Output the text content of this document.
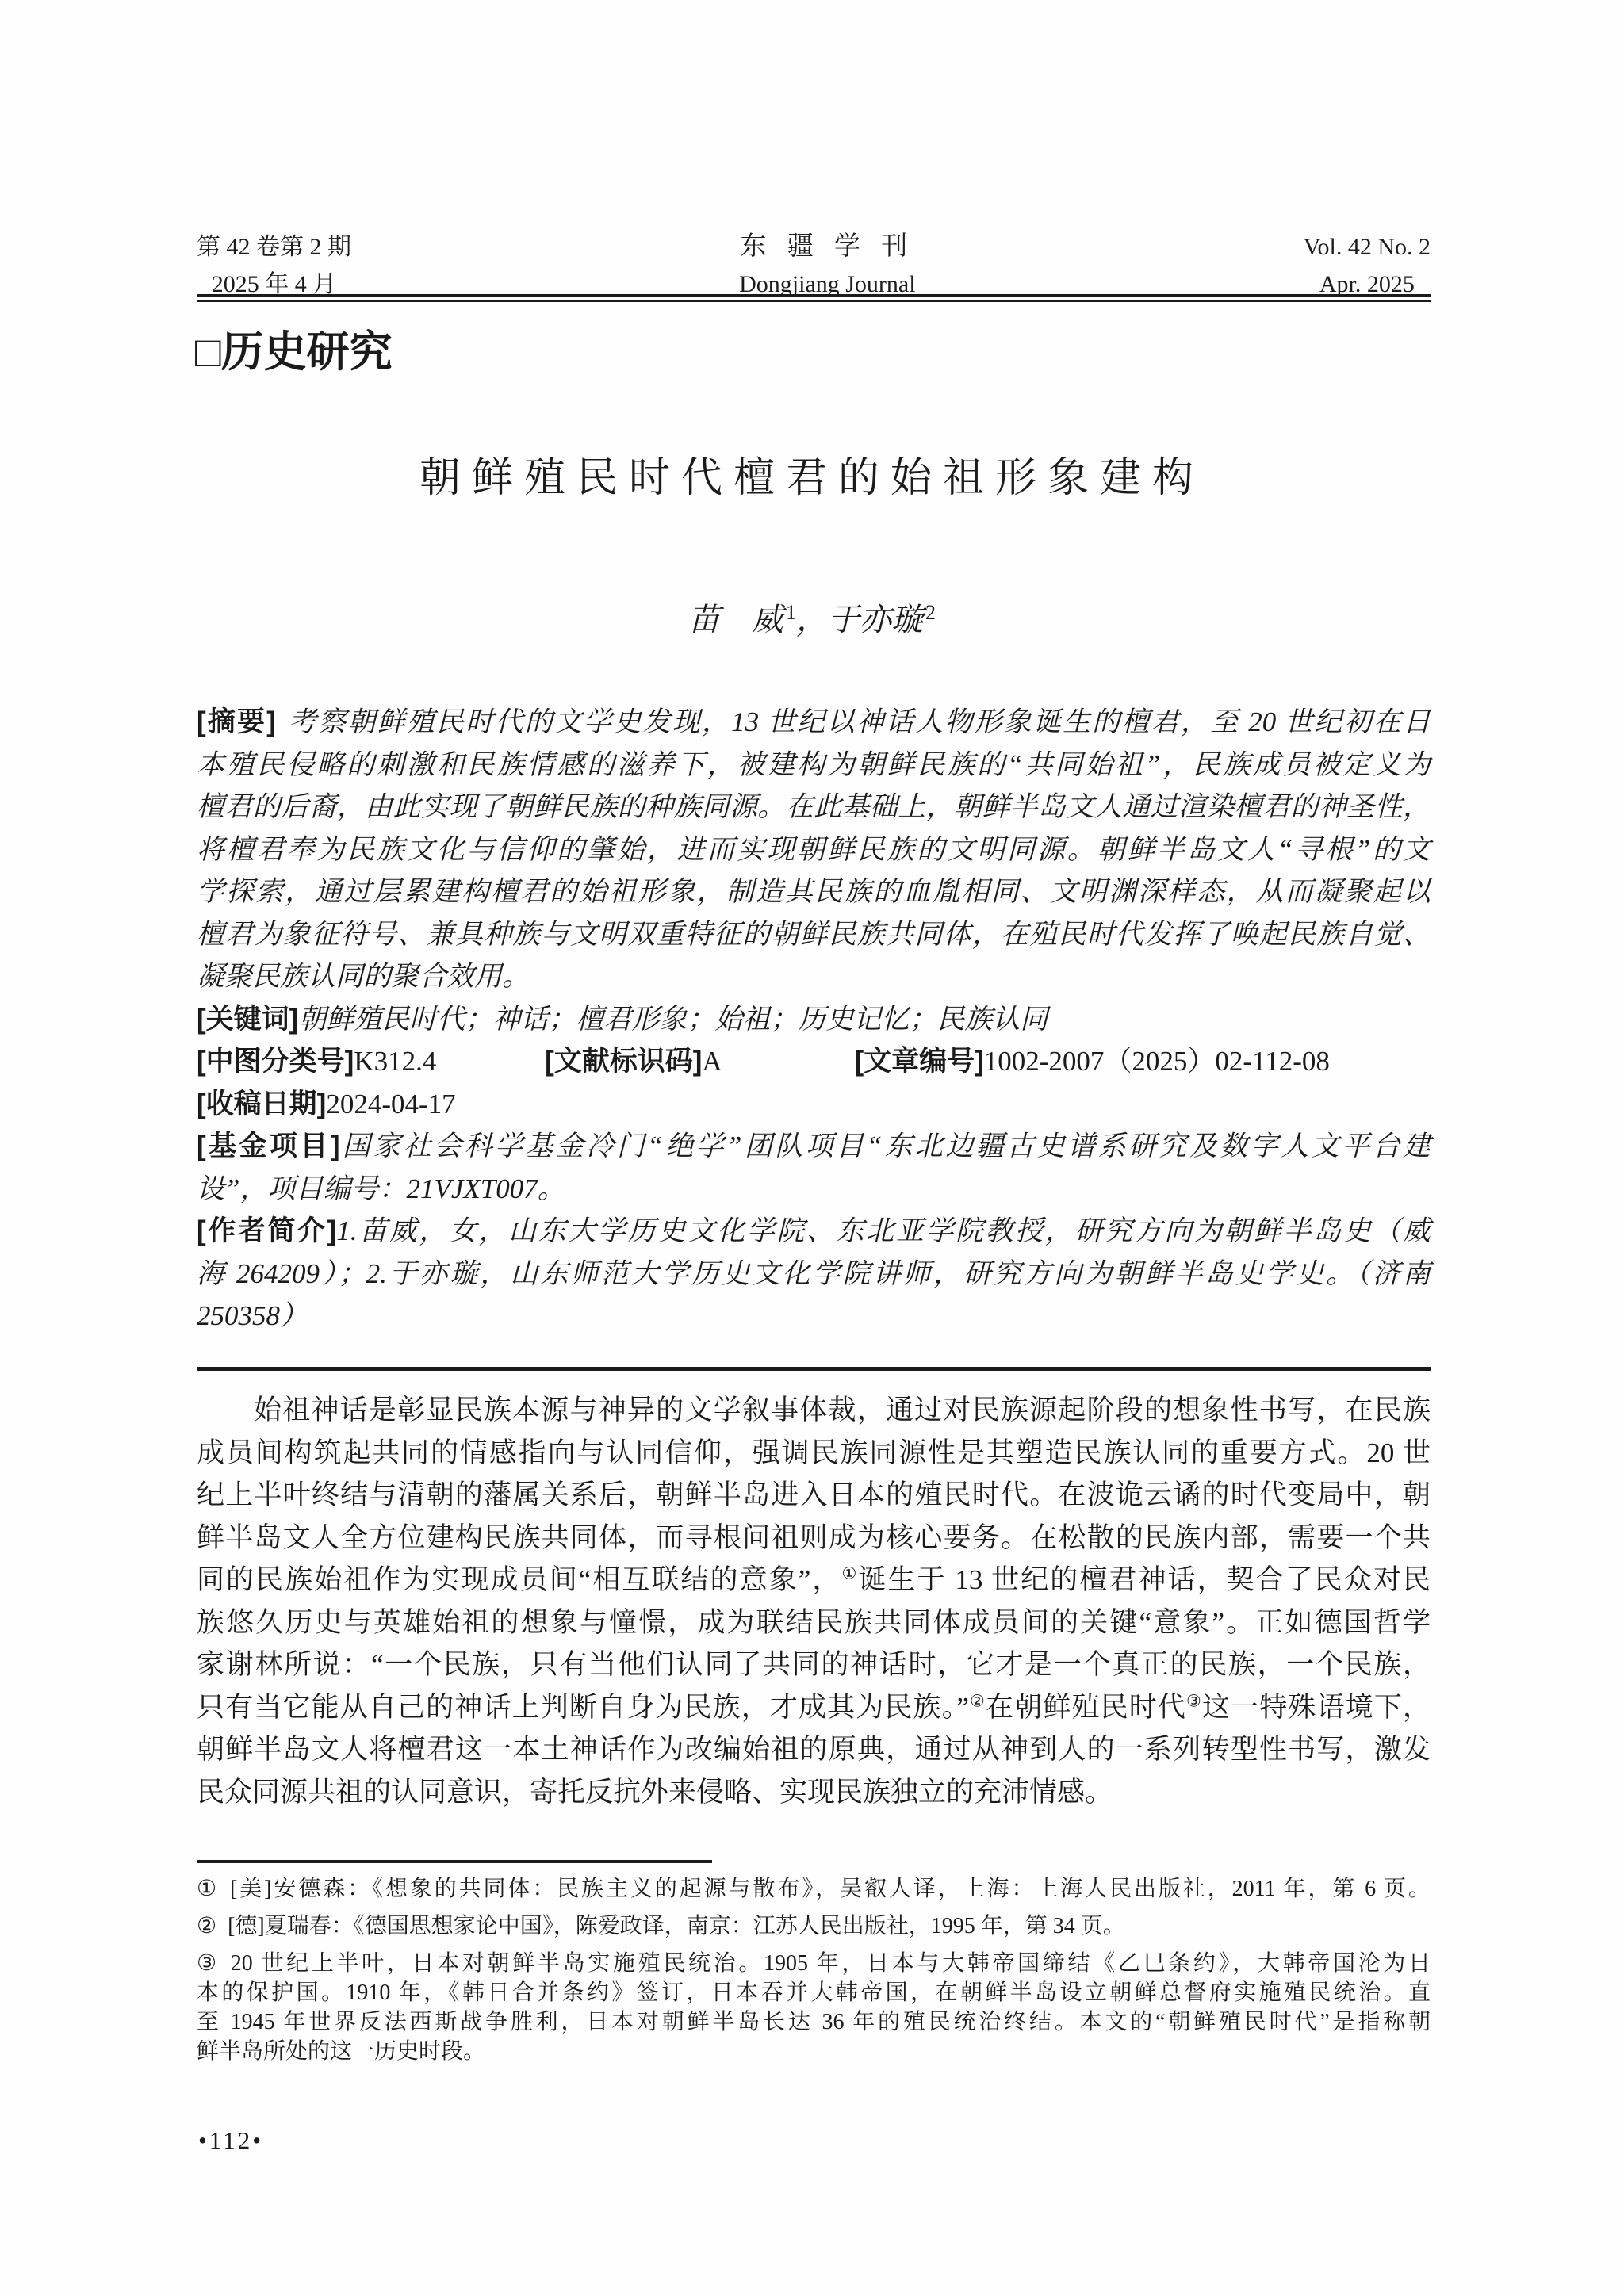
第 42 卷第 2 期
2025 年 4 月
东 疆 学 刊
Dongjiang Journal
Vol. 42 No. 2
Apr. 2025
□历史研究
朝鲜殖民时代檀君的始祖形象建构
苗　威 $^1$，于亦璇 $^2$
[摘要] 考察朝鲜殖民时代的文学史发现，13 世纪以神话人物形象诞生的檀君，至 20 世纪初在日
本殖民侵略的刺激和民族情感的滋养下，被建构为朝鲜民族的“共同始祖”，民族成员被定义为
檀君的后裔，由此实现了朝鲜民族的种族同源。在此基础上，朝鲜半岛文人通过渲染檀君的神圣性，
将檀君奉为民族文化与信仰的肇始，进而实现朝鲜民族的文明同源。朝鲜半岛文人“寻根”的文
学探索，通过层累建构檀君的始祖形象，制造其民族的血胤相同、文明渊深样态，从而凝聚起以
檀君为象征符号、兼具种族与文明双重特征的朝鲜民族共同体，在殖民时代发挥了唤起民族自觉、
凝聚民族认同的聚合效用。
[关键词]朝鲜殖民时代；神话；檀君形象；始祖；历史记忆；民族认同
[中图分类号]K312.4	[文献标识码]A	[文章编号]1002-2007（2025）02-112-08
[收稿日期]2024-04-17
[基金项目]国家社会科学基金冷门“绝学”团队项目“东北边疆古史谱系研究及数字人文平台建
设”，项目编号：21VJXT007。
[作者简介]1.苗威，女，山东大学历史文化学院、东北亚学院教授，研究方向为朝鲜半岛史（威
海 264209）；2.于亦璇，山东师范大学历史文化学院讲师，研究方向为朝鲜半岛史学史。（济南
250358）
始祖神话是彰显民族本源与神异的文学叙事体裁，通过对民族源起阶段的想象性书写，在民族
成员间构筑起共同的情感指向与认同信仰，强调民族同源性是其塑造民族认同的重要方式。20 世
纪上半叶终结与清朝的藩属关系后，朝鲜半岛进入日本的殖民时代。在波诡云谲的时代变局中，朝
鲜半岛文人全方位建构民族共同体，而寻根问祖则成为核心要务。在松散的民族内部，需要一个共
同的民族始祖作为实现成员间“相互联结的意象”，①诞生于 13 世纪的檀君神话，契合了民众对民
族悠久历史与英雄始祖的想象与憧憬，成为联结民族共同体成员间的关键“意象”。正如德国哲学
家谢林所说：“一个民族，只有当他们认同了共同的神话时，它才是一个真正的民族，一个民族，
只有当它能从自己的神话上判断自身为民族，才成其为民族。”②在朝鲜殖民时代③这一特殊语境下，
朝鲜半岛文人将檀君这一本土神话作为改编始祖的原典，通过从神到人的一系列转型性书写，激发
民众同源共祖的认同意识，寄托反抗外来侵略、实现民族独立的充沛情感。
① [美]安德森：《想象的共同体：民族主义的起源与散布》，吴叡人译，上海：上海人民出版社，2011 年，第 6 页。
② [德]夏瑞春：《德国思想家论中国》，陈爱政译，南京：江苏人民出版社，1995 年，第 34 页。
③ 20 世纪上半叶，日本对朝鲜半岛实施殖民统治。1905 年，日本与大韩帝国缔结《乙巳条约》，大韩帝国沦为日
本的保护国。1910 年，《韩日合并条约》签订，日本吞并大韩帝国，在朝鲜半岛设立朝鲜总督府实施殖民统治。直
至 1945 年世界反法西斯战争胜利，日本对朝鲜半岛长达 36 年的殖民统治终结。本文的“朝鲜殖民时代”是指称朝
鲜半岛所处的这一历史时段。
•112•
